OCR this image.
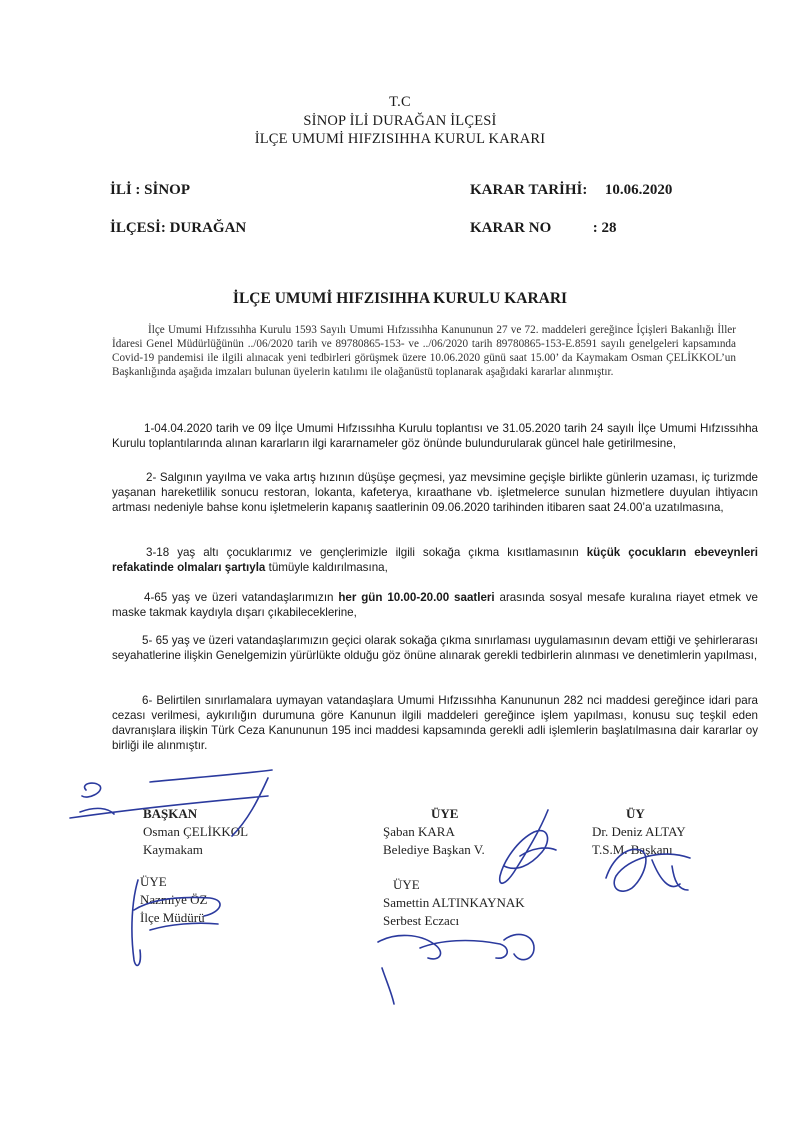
T.C
SİNOP İLİ DURAĞAN İLÇESİ
İLÇE UMUMİ HIFZISIHHA KURUL KARARI
İLİ : SİNOP
İLÇESİ: DURAĞAN
KARAR TARİHİ: 10.06.2020
KARAR NO	: 28
İLÇE UMUMİ HIFZISIHHA KURULU KARARI
İlçe Umumi Hıfzıssıhha Kurulu 1593 Sayılı Umumi Hıfzıssıhha Kanununun 27 ve 72. maddeleri gereğince İçişleri Bakanlığı İller İdaresi Genel Müdürlüğünün ../06/2020 tarih ve 89780865-153- ve ../06/2020 tarih 89780865-153-E.8591 sayılı genelgeleri kapsamında Covid-19 pandemisi ile ilgili alınacak yeni tedbirleri görüşmek üzere 10.06.2020 günü saat 15.00’ da Kaymakam Osman ÇELİKKOL’un Başkanlığında aşağıda imzaları bulunan üyelerin katılımı ile olağanüstü toplanarak aşağıdaki kararlar alınmıştır.
1-04.04.2020 tarih ve 09 İlçe Umumi Hıfzıssıhha Kurulu toplantısı ve 31.05.2020 tarih 24 sayılı İlçe Umumi Hıfzıssıhha Kurulu toplantılarında alınan kararların ilgi kararnameler göz önünde bulundurularak güncel hale getirilmesine,
2- Salgının yayılma ve vaka artış hızının düşüşe geçmesi, yaz mevsimine geçişle birlikte günlerin uzaması, iç turizmde yaşanan hareketlilik sonucu restoran, lokanta, kafeterya, kıraathane vb. işletmelerce sunulan hizmetlere duyulan ihtiyacın artması nedeniyle bahse konu işletmelerin kapanış saatlerinin 09.06.2020 tarihinden itibaren saat 24.00’a uzatılmasına,
3-18 yaş altı çocuklarımız ve gençlerimizle ilgili sokağa çıkma kısıtlamasının küçük çocukların ebeveynleri refakatinde olmaları şartıyla tümüyle kaldırılmasına,
4-65 yaş ve üzeri vatandaşlarımızın her gün 10.00-20.00 saatleri arasında sosyal mesafe kuralına riayet etmek ve maske takmak kaydıyla dışarı çıkabileceklerine,
5- 65 yaş ve üzeri vatandaşlarımızın geçici olarak sokağa çıkma sınırlaması uygulamasının devam ettiği ve şehirlerarası seyahatlerine ilişkin Genelgemizin yürürlükte olduğu göz önüne alınarak gerekli tedbirlerin alınması ve denetimlerin yapılması,
6- Belirtilen sınırlamalara uymayan vatandaşlara Umumi Hıfzıssıhha Kanununun 282 nci maddesi gereğince idari para cezası verilmesi, aykırılığın durumuna göre Kanunun ilgili maddeleri gereğince işlem yapılması, konusu suç teşkil eden davranışlara ilişkin Türk Ceza Kanununun 195 inci maddesi kapsamında gerekli adli işlemlerin başlatılmasına dair kararlar oy birliği ile alınmıştır.
BAŞKAN
Osman ÇELİKKOL
Kaymakam
ÜYE
Nazmiye ÖZ
İlçe Müdürü
ÜYE
Şaban KARA
Belediye Başkan V.
ÜYE
Samettin ALTINKAYNAK
Serbest Eczacı
ÜY
Dr. Deniz ALTAY
T.S.M. Başkanı
